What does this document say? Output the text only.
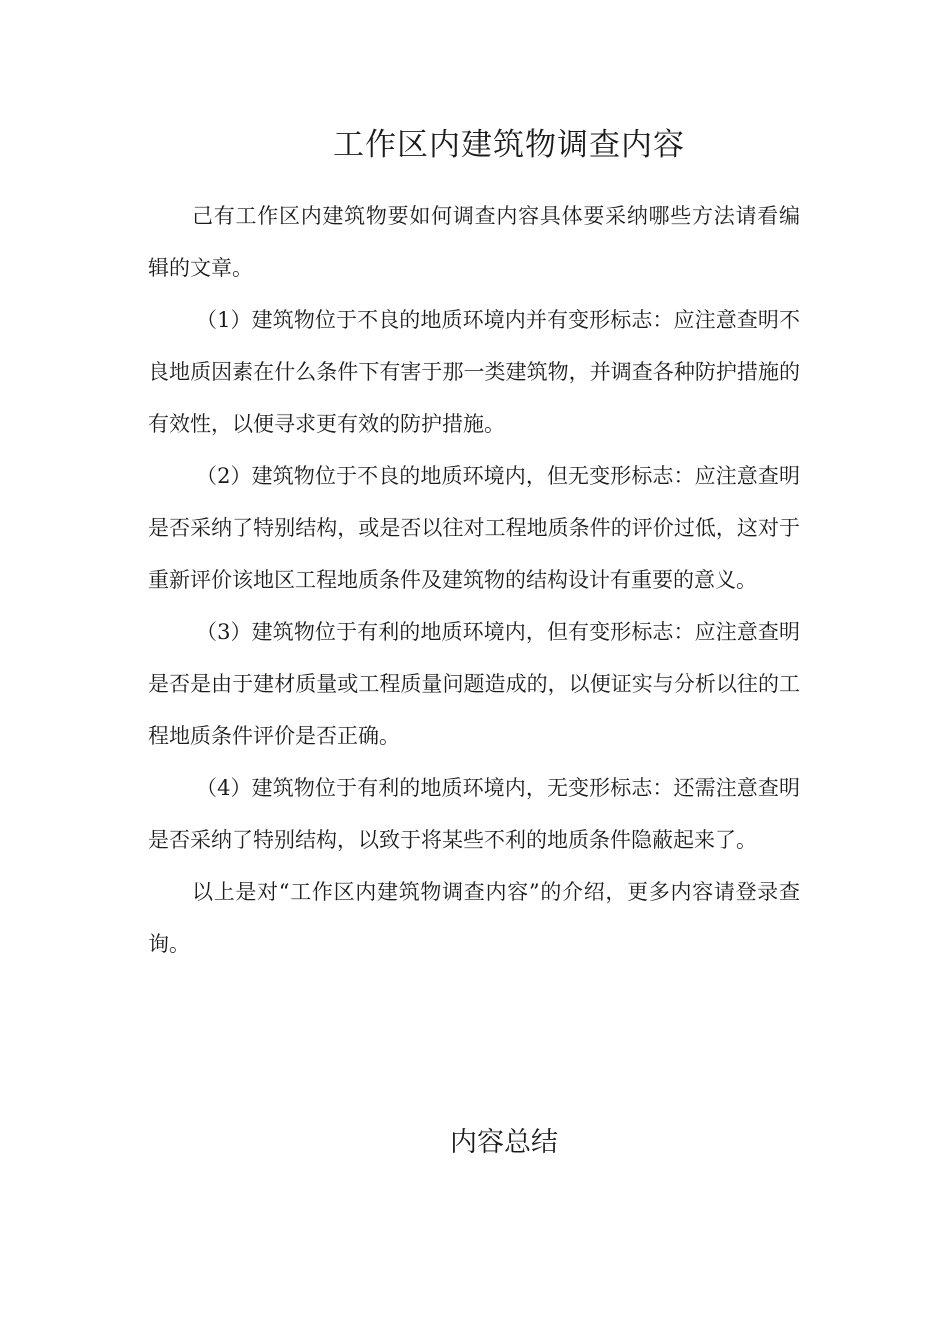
工作区内建筑物调查内容

己有工作区内建筑物要如何调查内容具体要采纳哪些方法请看编辑的文章。

（1）建筑物位于不良的地质环境内并有变形标志：应注意查明不良地质因素在什么条件下有害于那一类建筑物，并调查各种防护措施的有效性，以便寻求更有效的防护措施。

（2）建筑物位于不良的地质环境内，但无变形标志：应注意查明是否采纳了特别结构，或是否以往对工程地质条件的评价过低，这对于重新评价该地区工程地质条件及建筑物的结构设计有重要的意义。

（3）建筑物位于有利的地质环境内，但有变形标志：应注意查明是否是由于建材质量或工程质量问题造成的，以便证实与分析以往的工程地质条件评价是否正确。

（4）建筑物位于有利的地质环境内，无变形标志：还需注意查明是否采纳了特别结构，以致于将某些不利的地质条件隐蔽起来了。

以上是对“工作区内建筑物调查内容”的介绍，更多内容请登录查询。

内容总结
